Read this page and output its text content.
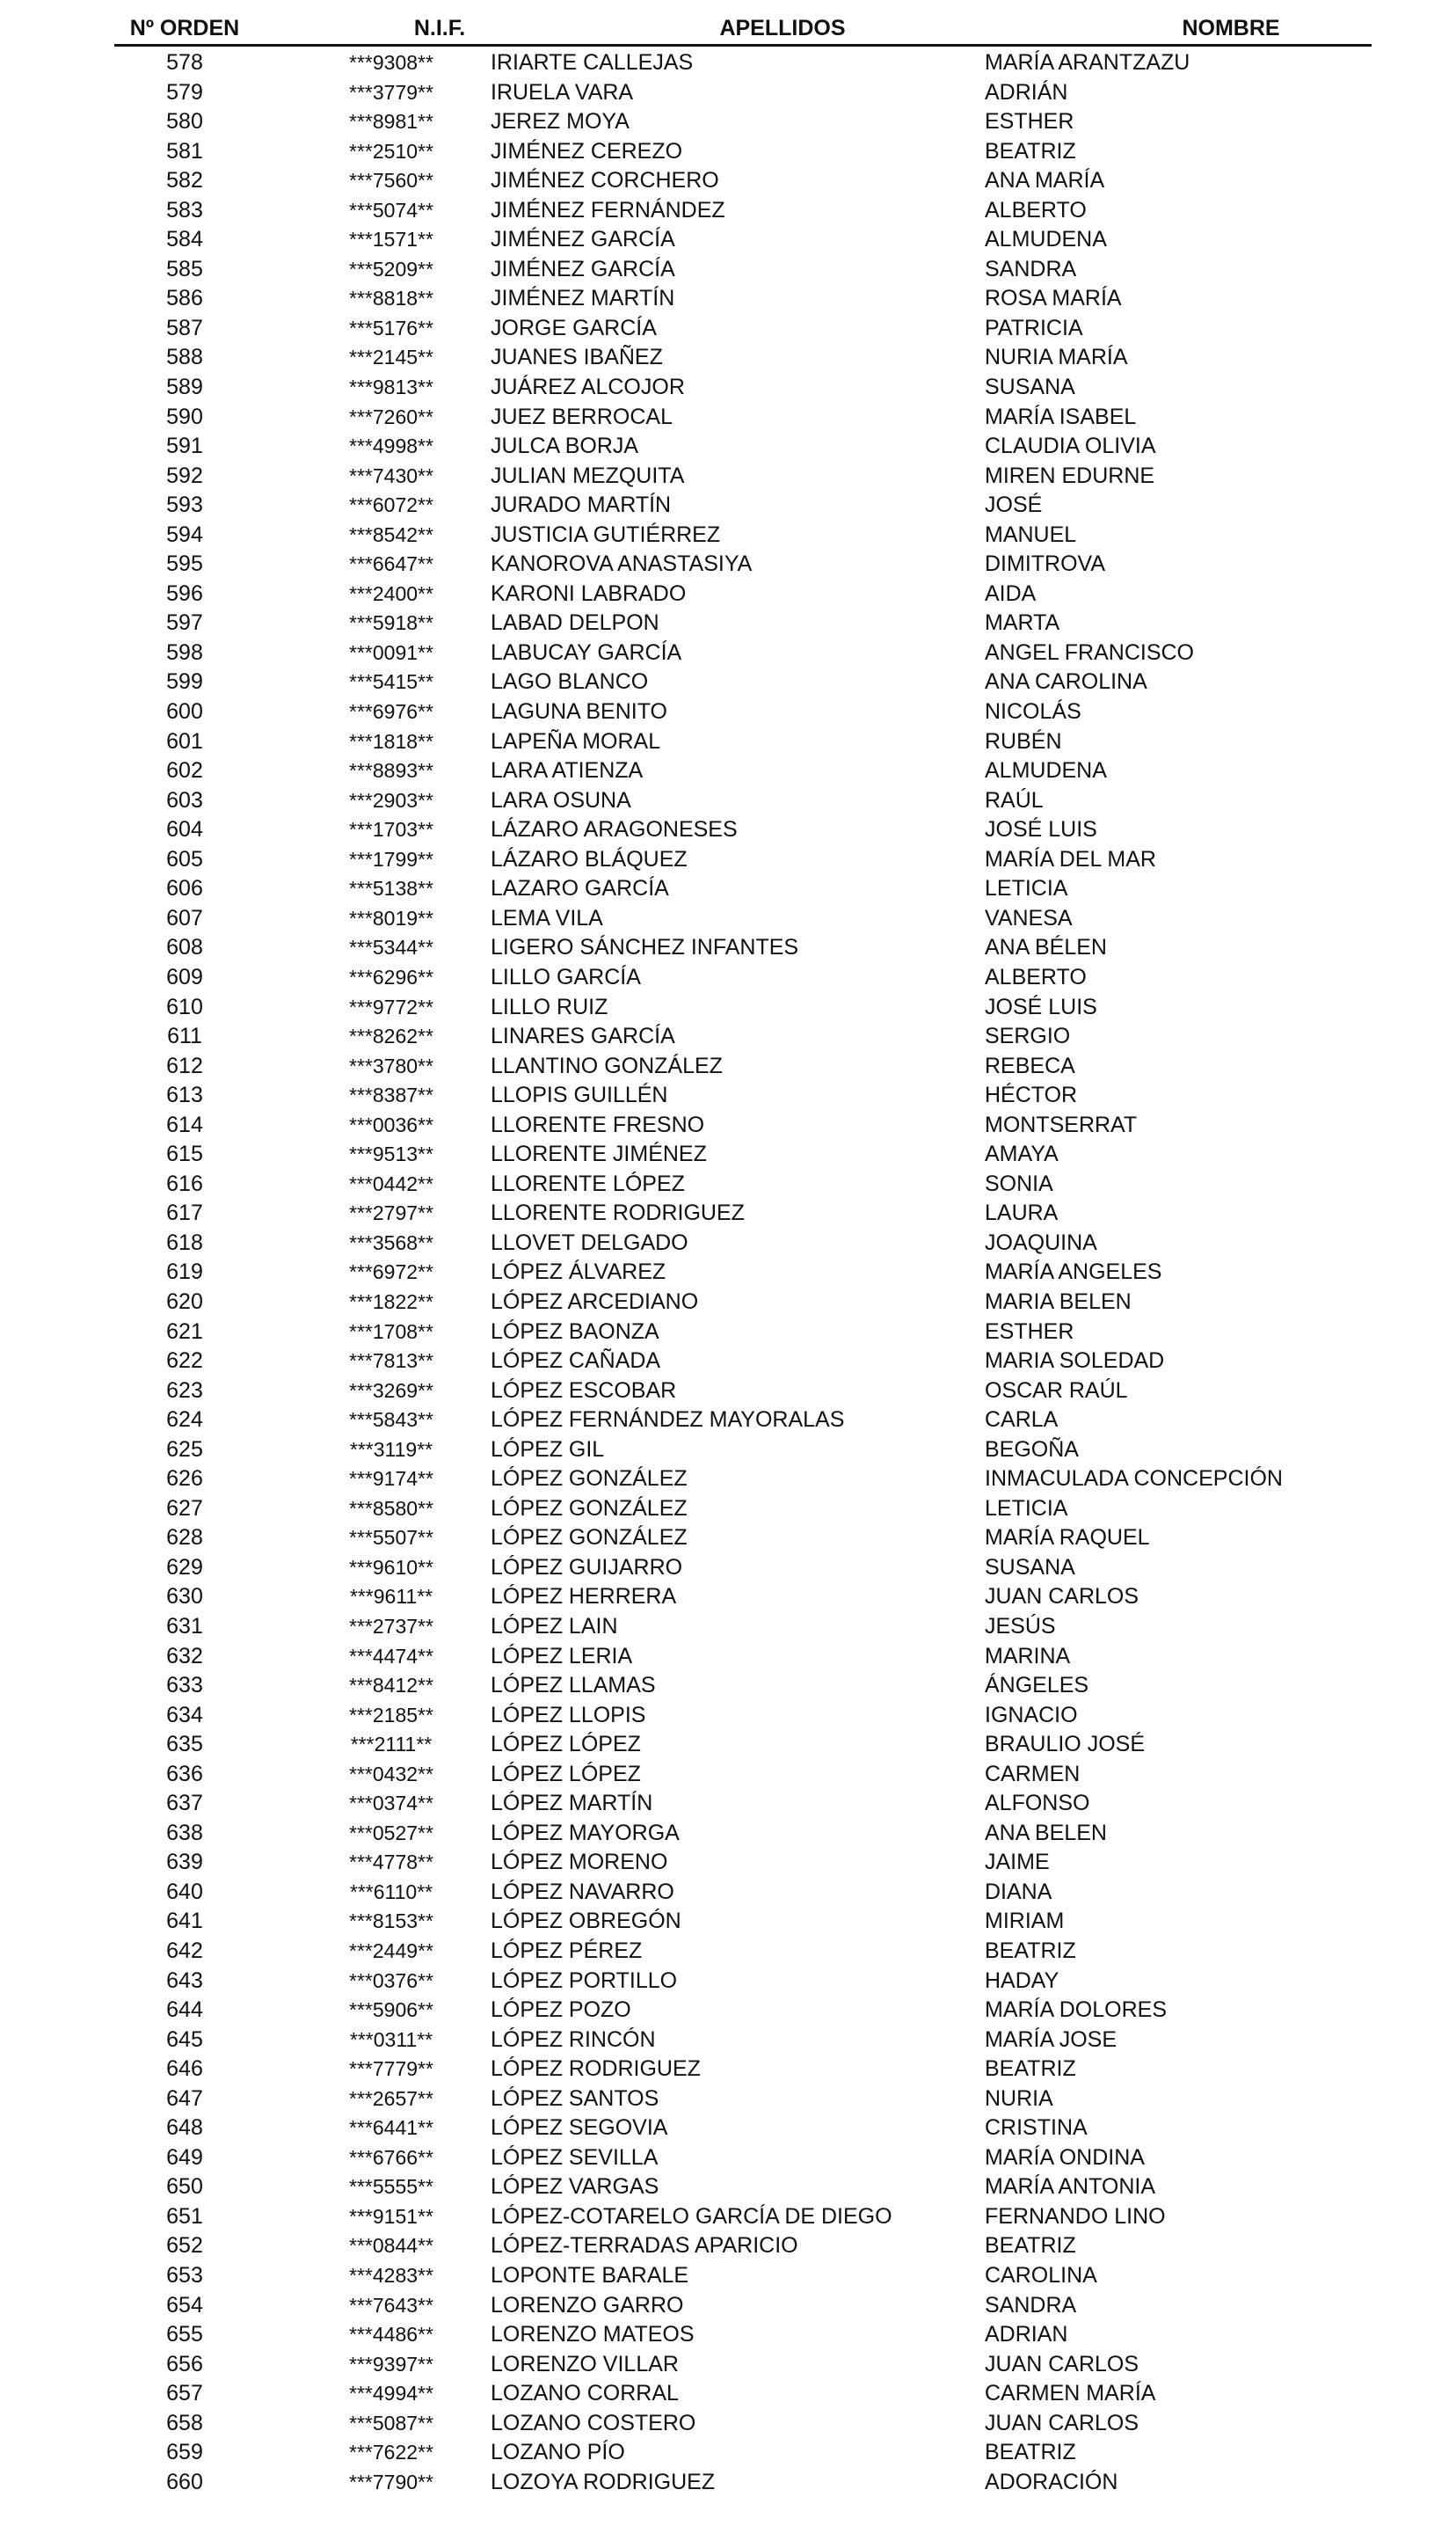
Nº ORDEN	N.I.F.	APELLIDOS	NOMBRE
578	***9308**	IRIARTE CALLEJAS	MARÍA ARANTZAZU
579	***3779**	IRUELA VARA	ADRIÁN
580	***8981**	JEREZ MOYA	ESTHER
581	***2510**	JIMÉNEZ CEREZO	BEATRIZ
582	***7560**	JIMÉNEZ CORCHERO	ANA MARÍA
583	***5074**	JIMÉNEZ FERNÁNDEZ	ALBERTO
584	***1571**	JIMÉNEZ GARCÍA	ALMUDENA
585	***5209**	JIMÉNEZ GARCÍA	SANDRA
586	***8818**	JIMÉNEZ MARTÍN	ROSA MARÍA
587	***5176**	JORGE GARCÍA	PATRICIA
588	***2145**	JUANES IBAÑEZ	NURIA MARÍA
589	***9813**	JUÁREZ ALCOJOR	SUSANA
590	***7260**	JUEZ BERROCAL	MARÍA ISABEL
591	***4998**	JULCA BORJA	CLAUDIA OLIVIA
592	***7430**	JULIAN MEZQUITA	MIREN EDURNE
593	***6072**	JURADO MARTÍN	JOSÉ
594	***8542**	JUSTICIA GUTIÉRREZ	MANUEL
595	***6647**	KANOROVA ANASTASIYA	DIMITROVA
596	***2400**	KARONI LABRADO	AIDA
597	***5918**	LABAD DELPON	MARTA
598	***0091**	LABUCAY GARCÍA	ANGEL FRANCISCO
599	***5415**	LAGO BLANCO	ANA CAROLINA
600	***6976**	LAGUNA BENITO	NICOLÁS
601	***1818**	LAPEÑA MORAL	RUBÉN
602	***8893**	LARA ATIENZA	ALMUDENA
603	***2903**	LARA OSUNA	RAÚL
604	***1703**	LÁZARO ARAGONESES	JOSÉ LUIS
605	***1799**	LÁZARO BLÁQUEZ	MARÍA DEL MAR
606	***5138**	LAZARO GARCÍA	LETICIA
607	***8019**	LEMA VILA	VANESA
608	***5344**	LIGERO SÁNCHEZ INFANTES	ANA BÉLEN
609	***6296**	LILLO GARCÍA	ALBERTO
610	***9772**	LILLO RUIZ	JOSÉ LUIS
611	***8262**	LINARES GARCÍA	SERGIO
612	***3780**	LLANTINO GONZÁLEZ	REBECA
613	***8387**	LLOPIS GUILLÉN	HÉCTOR
614	***0036**	LLORENTE FRESNO	MONTSERRAT
615	***9513**	LLORENTE JIMÉNEZ	AMAYA
616	***0442**	LLORENTE LÓPEZ	SONIA
617	***2797**	LLORENTE RODRIGUEZ	LAURA
618	***3568**	LLOVET DELGADO	JOAQUINA
619	***6972**	LÓPEZ ÁLVAREZ	MARÍA ANGELES
620	***1822**	LÓPEZ ARCEDIANO	MARIA BELEN
621	***1708**	LÓPEZ BAONZA	ESTHER
622	***7813**	LÓPEZ CAÑADA	MARIA SOLEDAD
623	***3269**	LÓPEZ ESCOBAR	OSCAR RAÚL
624	***5843**	LÓPEZ FERNÁNDEZ MAYORALAS	CARLA
625	***3119**	LÓPEZ GIL	BEGOÑA
626	***9174**	LÓPEZ GONZÁLEZ	INMACULADA CONCEPCIÓN
627	***8580**	LÓPEZ GONZÁLEZ	LETICIA
628	***5507**	LÓPEZ GONZÁLEZ	MARÍA RAQUEL
629	***9610**	LÓPEZ GUIJARRO	SUSANA
630	***9611**	LÓPEZ HERRERA	JUAN CARLOS
631	***2737**	LÓPEZ LAIN	JESÚS
632	***4474**	LÓPEZ LERIA	MARINA
633	***8412**	LÓPEZ LLAMAS	ÁNGELES
634	***2185**	LÓPEZ LLOPIS	IGNACIO
635	***2111**	LÓPEZ LÓPEZ	BRAULIO JOSÉ
636	***0432**	LÓPEZ LÓPEZ	CARMEN
637	***0374**	LÓPEZ MARTÍN	ALFONSO
638	***0527**	LÓPEZ MAYORGA	ANA BELEN
639	***4778**	LÓPEZ MORENO	JAIME
640	***6110**	LÓPEZ NAVARRO	DIANA
641	***8153**	LÓPEZ OBREGÓN	MIRIAM
642	***2449**	LÓPEZ PÉREZ	BEATRIZ
643	***0376**	LÓPEZ PORTILLO	HADAY
644	***5906**	LÓPEZ POZO	MARÍA DOLORES
645	***0311**	LÓPEZ RINCÓN	MARÍA JOSE
646	***7779**	LÓPEZ RODRIGUEZ	BEATRIZ
647	***2657**	LÓPEZ SANTOS	NURIA
648	***6441**	LÓPEZ SEGOVIA	CRISTINA
649	***6766**	LÓPEZ SEVILLA	MARÍA ONDINA
650	***5555**	LÓPEZ VARGAS	MARÍA ANTONIA
651	***9151**	LÓPEZ-COTARELO GARCÍA DE DIEGO	FERNANDO LINO
652	***0844**	LÓPEZ-TERRADAS APARICIO	BEATRIZ
653	***4283**	LOPONTE BARALE	CAROLINA
654	***7643**	LORENZO GARRO	SANDRA
655	***4486**	LORENZO MATEOS	ADRIAN
656	***9397**	LORENZO VILLAR	JUAN CARLOS
657	***4994**	LOZANO CORRAL	CARMEN MARÍA
658	***5087**	LOZANO COSTERO	JUAN CARLOS
659	***7622**	LOZANO PÍO	BEATRIZ
660	***7790**	LOZOYA RODRIGUEZ	ADORACIÓN
